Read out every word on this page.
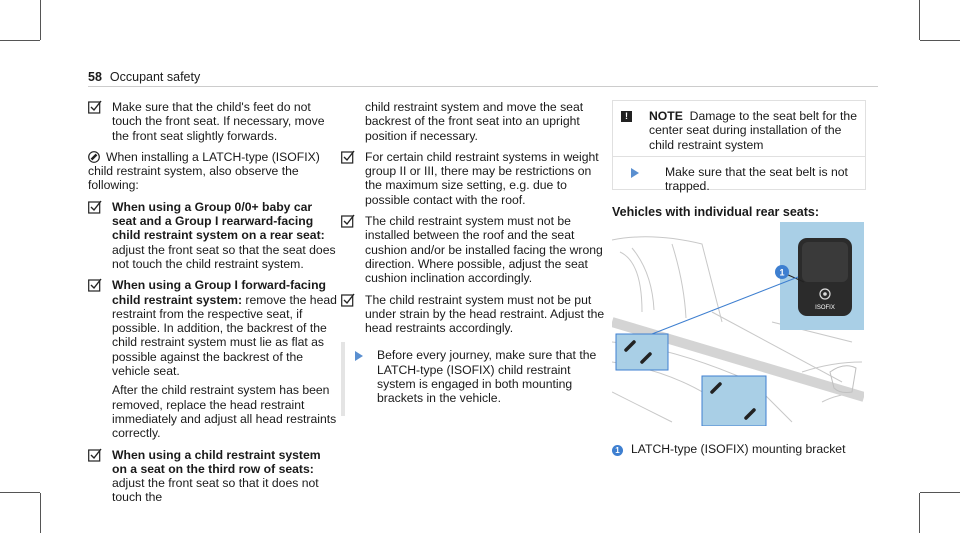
58 Occupant safety
Make sure that the child's feet do not touch the front seat. If necessary, move the front seat slightly forwards.
When installing a LATCH-type (ISOFIX) child restraint system, also observe the following:
When using a Group 0/0+ baby car seat and a Group I rearward-facing child restraint system on a rear seat: adjust the front seat so that the seat does not touch the child restraint system.
When using a Group I forward-facing child restraint system: remove the head restraint from the respective seat, if possible. In addition, the backrest of the child restraint system must lie as flat as possible against the backrest of the vehicle seat.
After the child restraint system has been removed, replace the head restraint immediately and adjust all head restraints correctly.
When using a child restraint system on a seat on the third row of seats: adjust the front seat so that it does not touch the
child restraint system and move the seat backrest of the front seat into an upright position if necessary.
For certain child restraint systems in weight group II or III, there may be restrictions on the maximum size setting, e.g. due to possible contact with the roof.
The child restraint system must not be installed between the roof and the seat cushion and/or be installed facing the wrong direction. Where possible, adjust the seat cushion inclination accordingly.
The child restraint system must not be put under strain by the head restraint. Adjust the head restraints accordingly.
Before every journey, make sure that the LATCH-type (ISOFIX) child restraint system is engaged in both mounting brackets in the vehicle.
!	NOTE Damage to the seat belt for the center seat during installation of the child restraint system
Make sure that the seat belt is not trapped.
Vehicles with individual rear seats:
ISOFIX
1
1 LATCH-type (ISOFIX) mounting bracket
